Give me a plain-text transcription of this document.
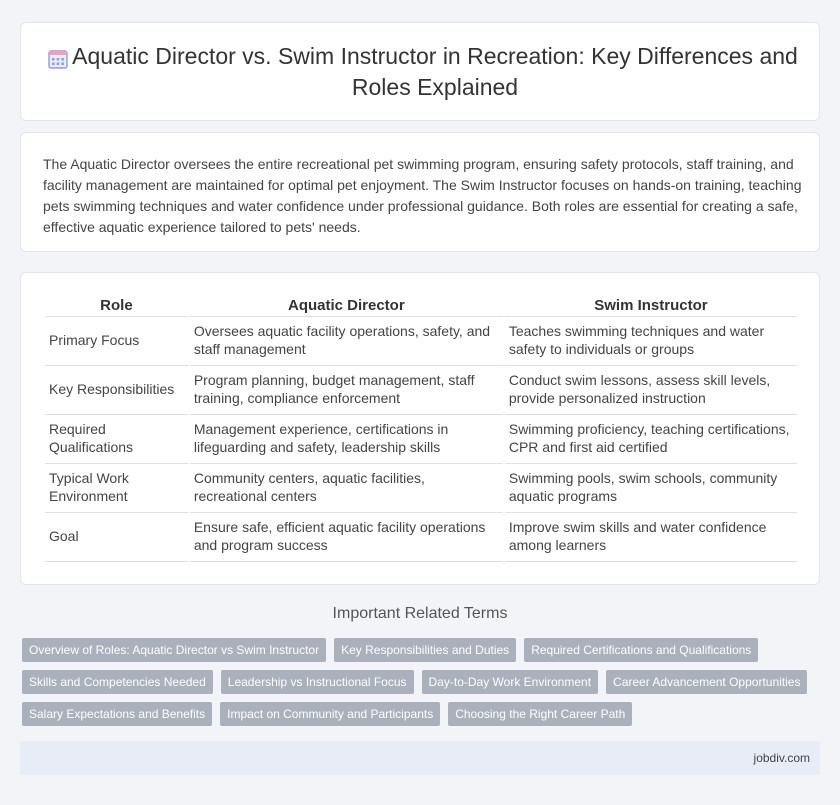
Aquatic Director vs. Swim Instructor in Recreation: Key Differences and Roles Explained

The Aquatic Director oversees the entire recreational pet swimming program, ensuring safety protocols, staff training, and facility management are maintained for optimal pet enjoyment. The Swim Instructor focuses on hands-on training, teaching pets swimming techniques and water confidence under professional guidance. Both roles are essential for creating a safe, effective aquatic experience tailored to pets' needs.

Role	Aquatic Director	Swim Instructor
Primary Focus	Oversees aquatic facility operations, safety, and staff management	Teaches swimming techniques and water safety to individuals or groups
Key Responsibilities	Program planning, budget management, staff training, compliance enforcement	Conduct swim lessons, assess skill levels, provide personalized instruction
Required Qualifications	Management experience, certifications in lifeguarding and safety, leadership skills	Swimming proficiency, teaching certifications, CPR and first aid certified
Typical Work Environment	Community centers, aquatic facilities, recreational centers	Swimming pools, swim schools, community aquatic programs
Goal	Ensure safe, efficient aquatic facility operations and program success	Improve swim skills and water confidence among learners
Important Related Terms
Overview of Roles: Aquatic Director vs Swim Instructor	Key Responsibilities and Duties	Required Certifications and Qualifications
Skills and Competencies Needed	Leadership vs Instructional Focus	Day-to-Day Work Environment	Career Advancement Opportunities
Salary Expectations and Benefits	Impact on Community and Participants	Choosing the Right Career Path
jobdiv.com
